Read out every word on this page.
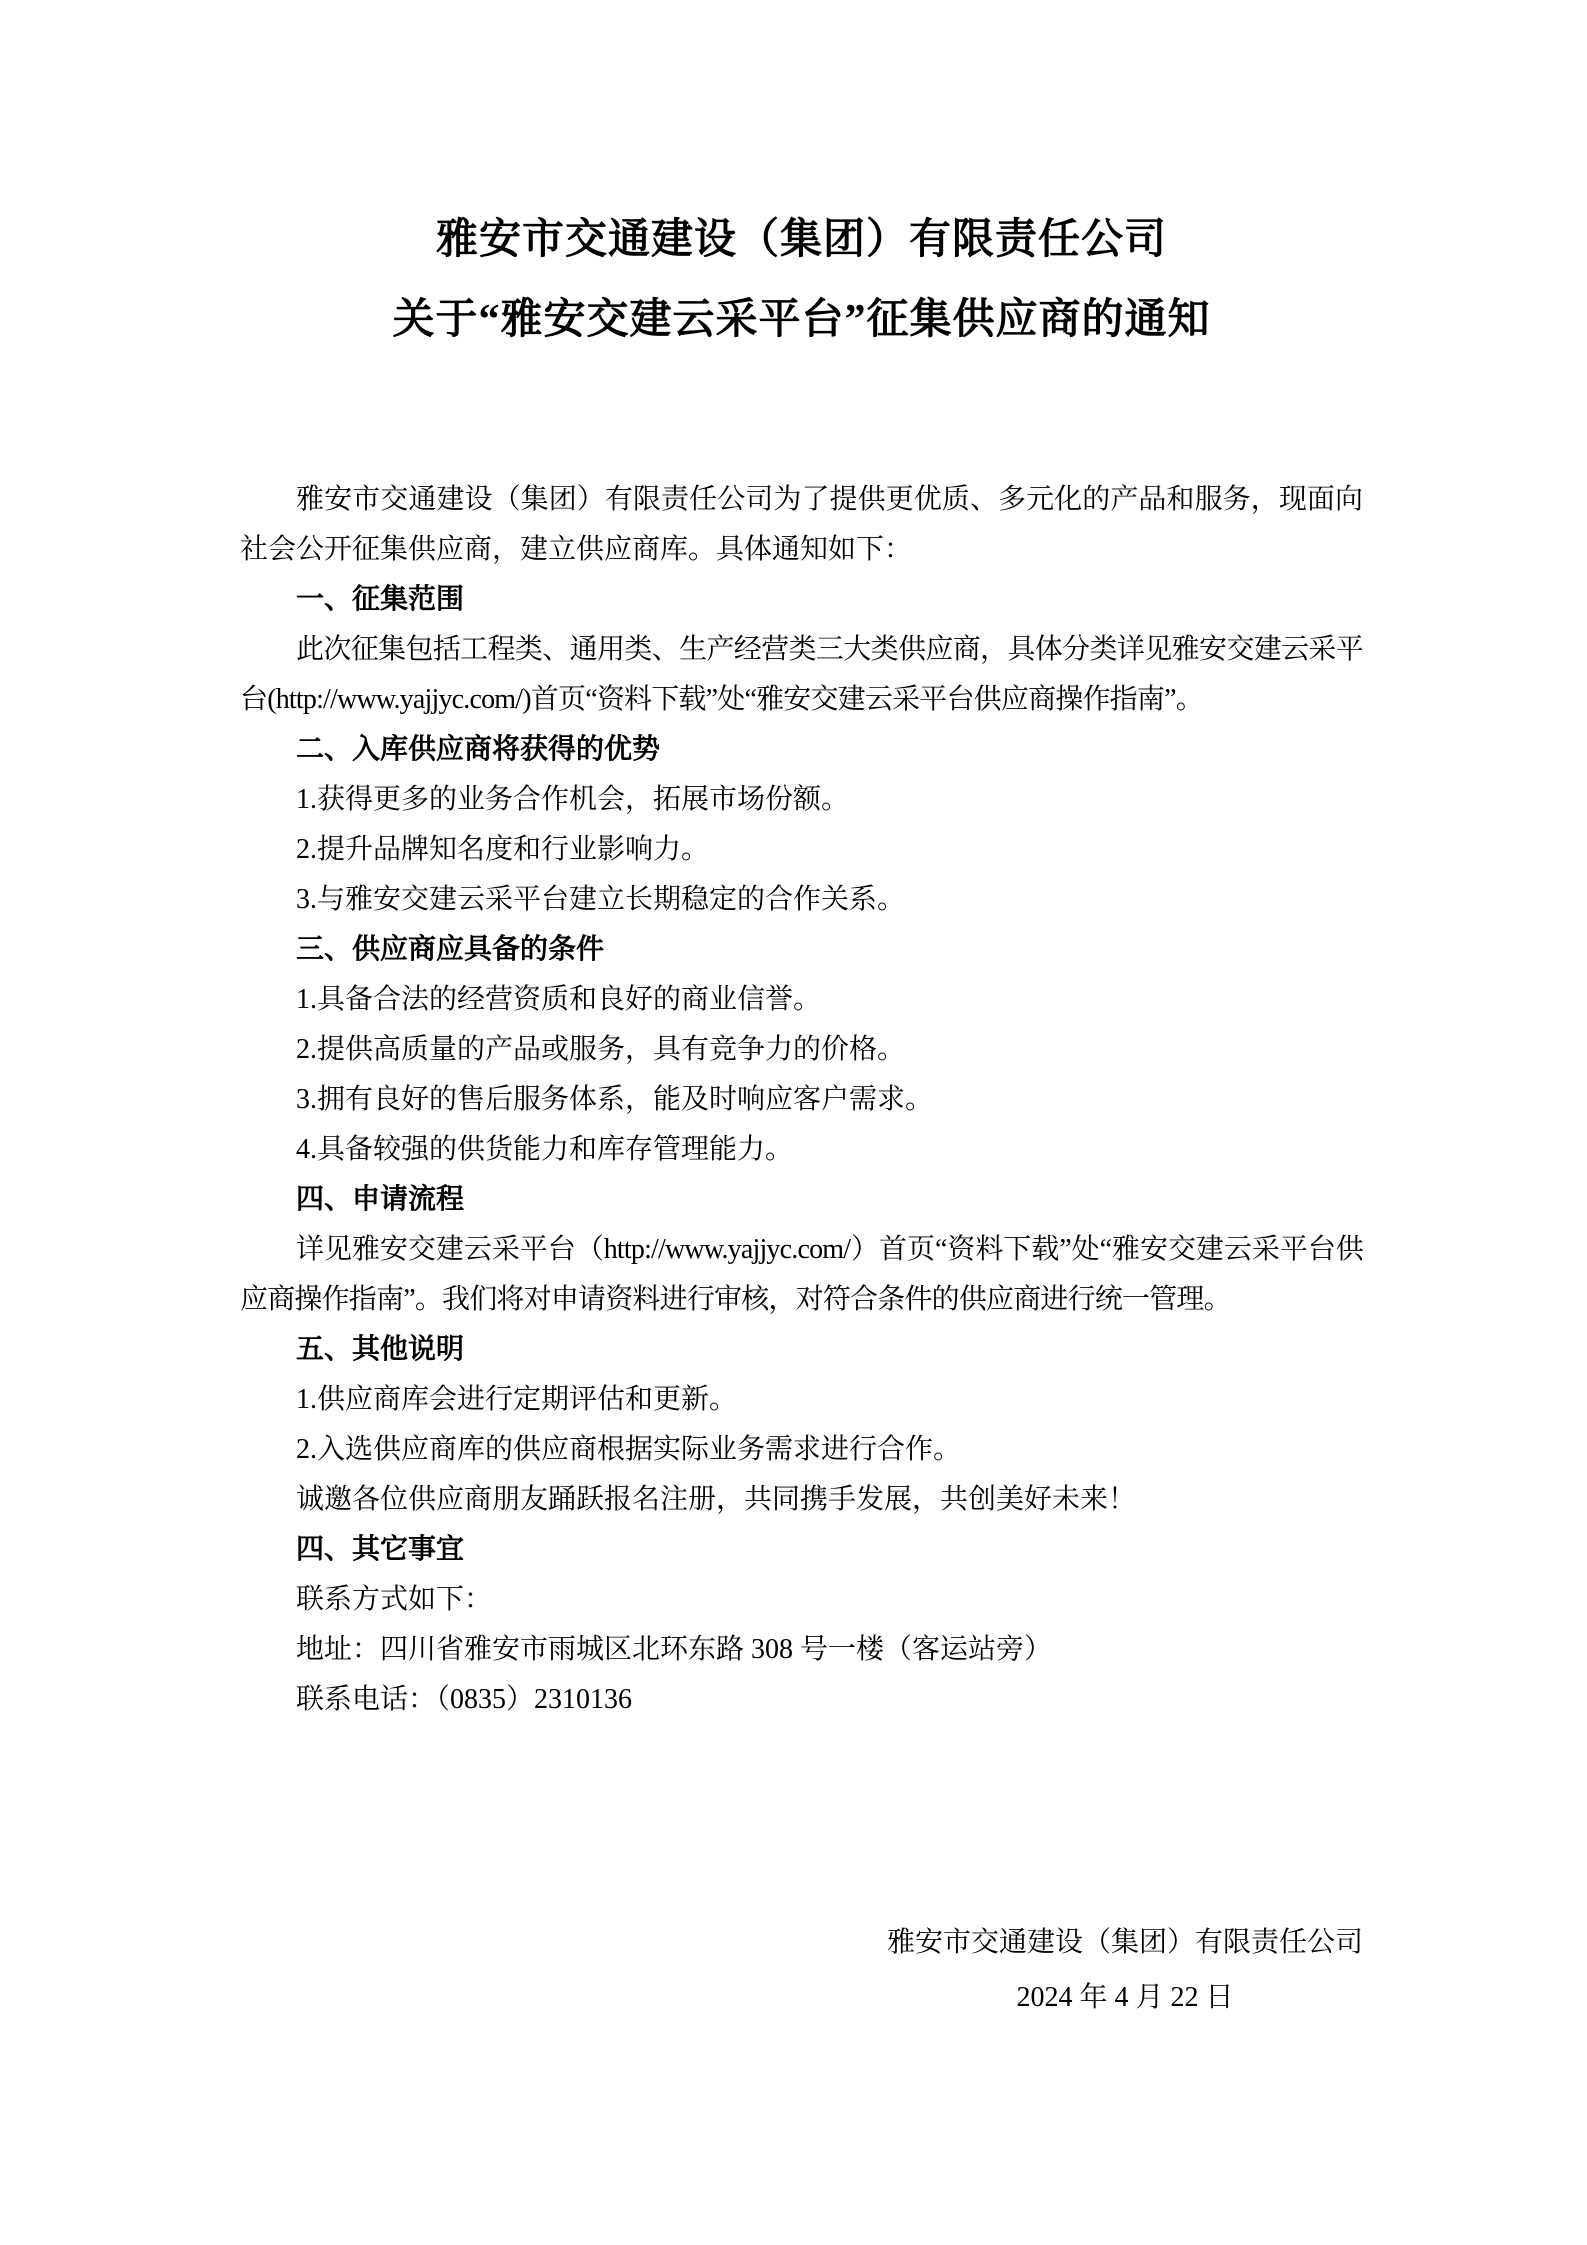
雅安市交通建设（集团）有限责任公司
关于“雅安交建云采平台”征集供应商的通知

雅安市交通建设（集团）有限责任公司为了提供更优质、多元化的产品和服务，现面向社会公开征集供应商，建立供应商库。具体通知如下：

一、征集范围

此次征集包括工程类、通用类、生产经营类三大类供应商，具体分类详见雅安交建云采平台(http://www.yajjyc.com/)首页“资料下载”处“雅安交建云采平台供应商操作指南”。

二、入库供应商将获得的优势

1.获得更多的业务合作机会，拓展市场份额。

2.提升品牌知名度和行业影响力。

3.与雅安交建云采平台建立长期稳定的合作关系。

三、供应商应具备的条件

1.具备合法的经营资质和良好的商业信誉。

2.提供高质量的产品或服务，具有竞争力的价格。

3.拥有良好的售后服务体系，能及时响应客户需求。

4.具备较强的供货能力和库存管理能力。

四、申请流程

详见雅安交建云采平台（http://www.yajjyc.com/）首页“资料下载”处“雅安交建云采平台供应商操作指南”。我们将对申请资料进行审核，对符合条件的供应商进行统一管理。

五、其他说明

1.供应商库会进行定期评估和更新。

2.入选供应商库的供应商根据实际业务需求进行合作。

诚邀各位供应商朋友踊跃报名注册，共同携手发展，共创美好未来！

四、其它事宜

联系方式如下：

地址：四川省雅安市雨城区北环东路 308 号一楼（客运站旁）

联系电话：（0835）2310136

雅安市交通建设（集团）有限责任公司
2024 年 4 月 22 日
